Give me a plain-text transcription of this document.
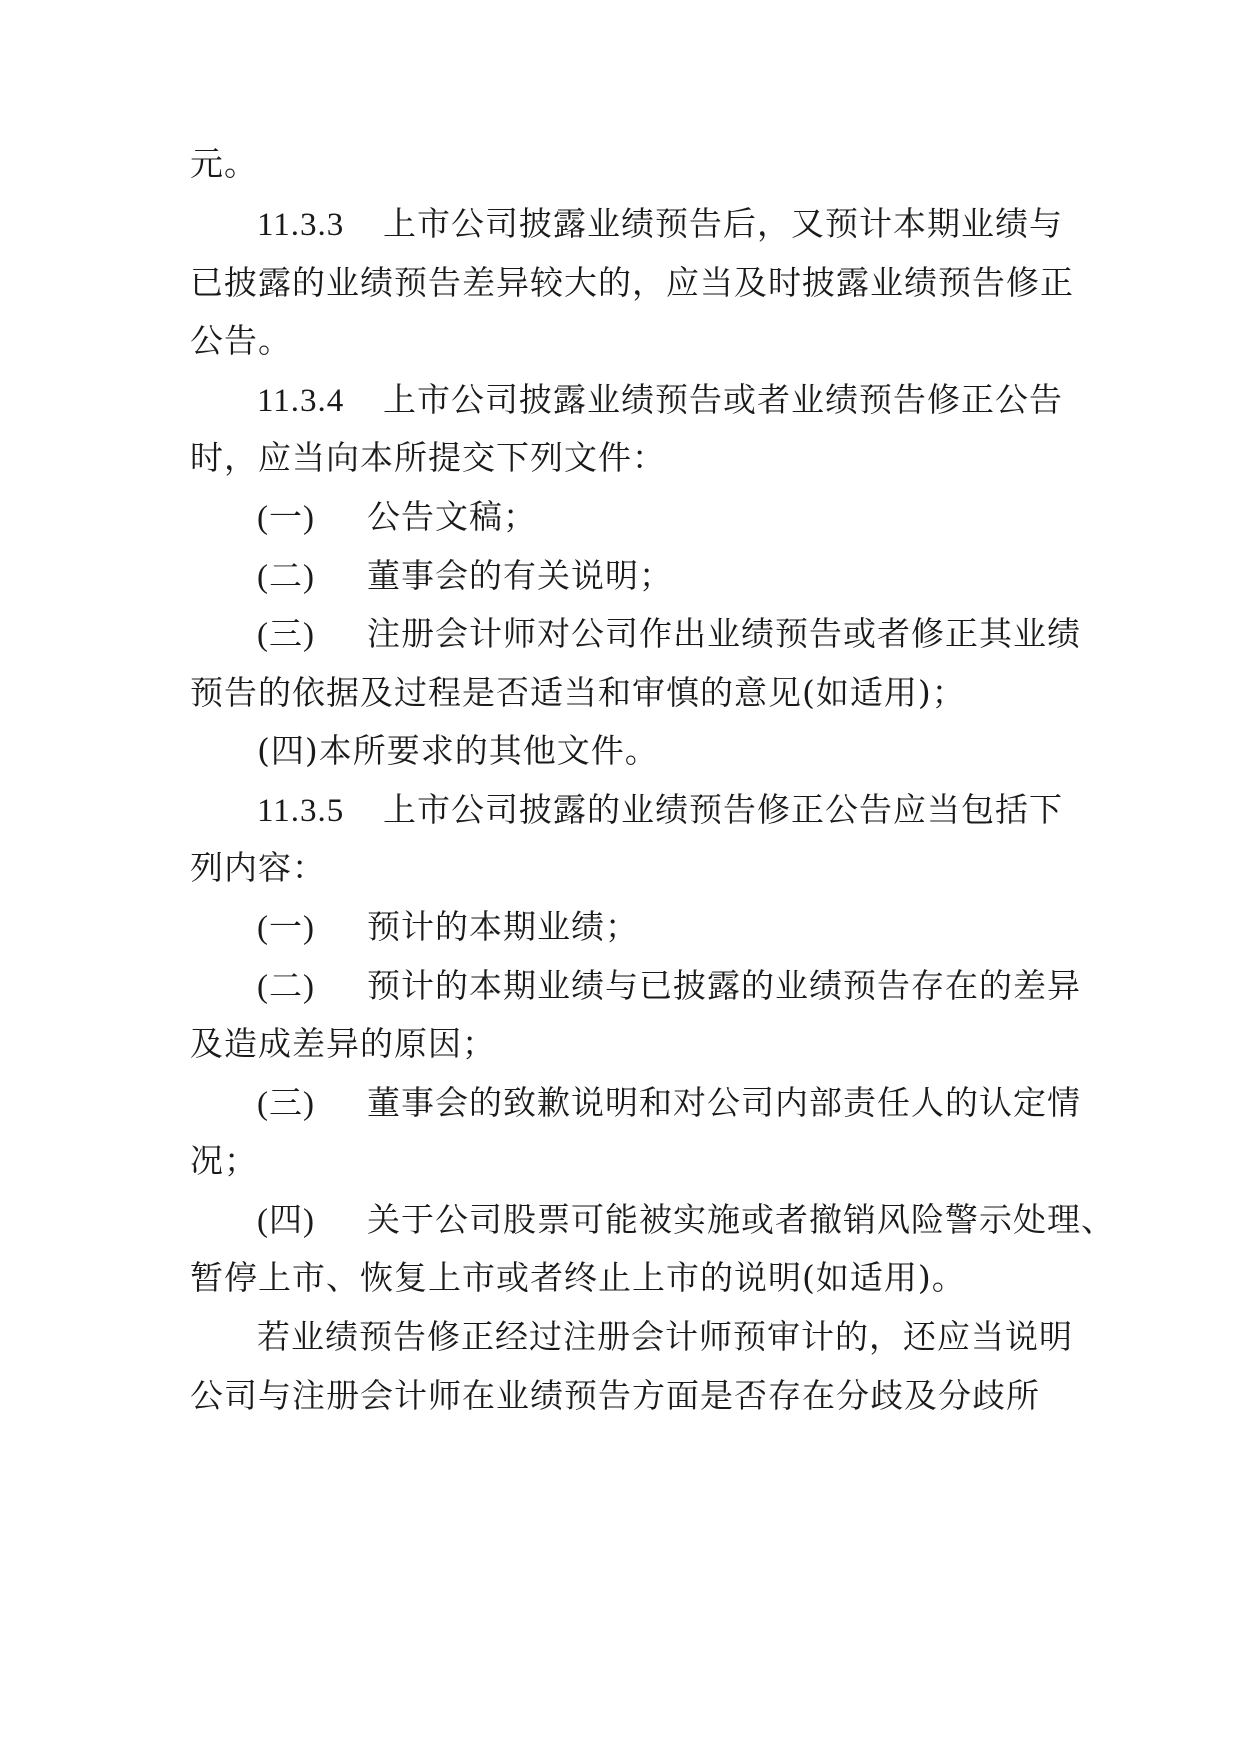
元。
11.3.3 上市公司披露业绩预告后，又预计本期业绩与
已披露的业绩预告差异较大的，应当及时披露业绩预告修正
公告。
11.3.4 上市公司披露业绩预告或者业绩预告修正公告
时，应当向本所提交下列文件：
(一) 公告文稿；
(二) 董事会的有关说明；
(三) 注册会计师对公司作出业绩预告或者修正其业绩
预告的依据及过程是否适当和审慎的意见(如适用)；
(四)本所要求的其他文件。
11.3.5 上市公司披露的业绩预告修正公告应当包括下
列内容：
(一) 预计的本期业绩；
(二) 预计的本期业绩与已披露的业绩预告存在的差异
及造成差异的原因；
(三) 董事会的致歉说明和对公司内部责任人的认定情
况；
(四) 关于公司股票可能被实施或者撤销风险警示处理、
暂停上市、恢复上市或者终止上市的说明(如适用)。
若业绩预告修正经过注册会计师预审计的，还应当说明
公司与注册会计师在业绩预告方面是否存在分歧及分歧所
